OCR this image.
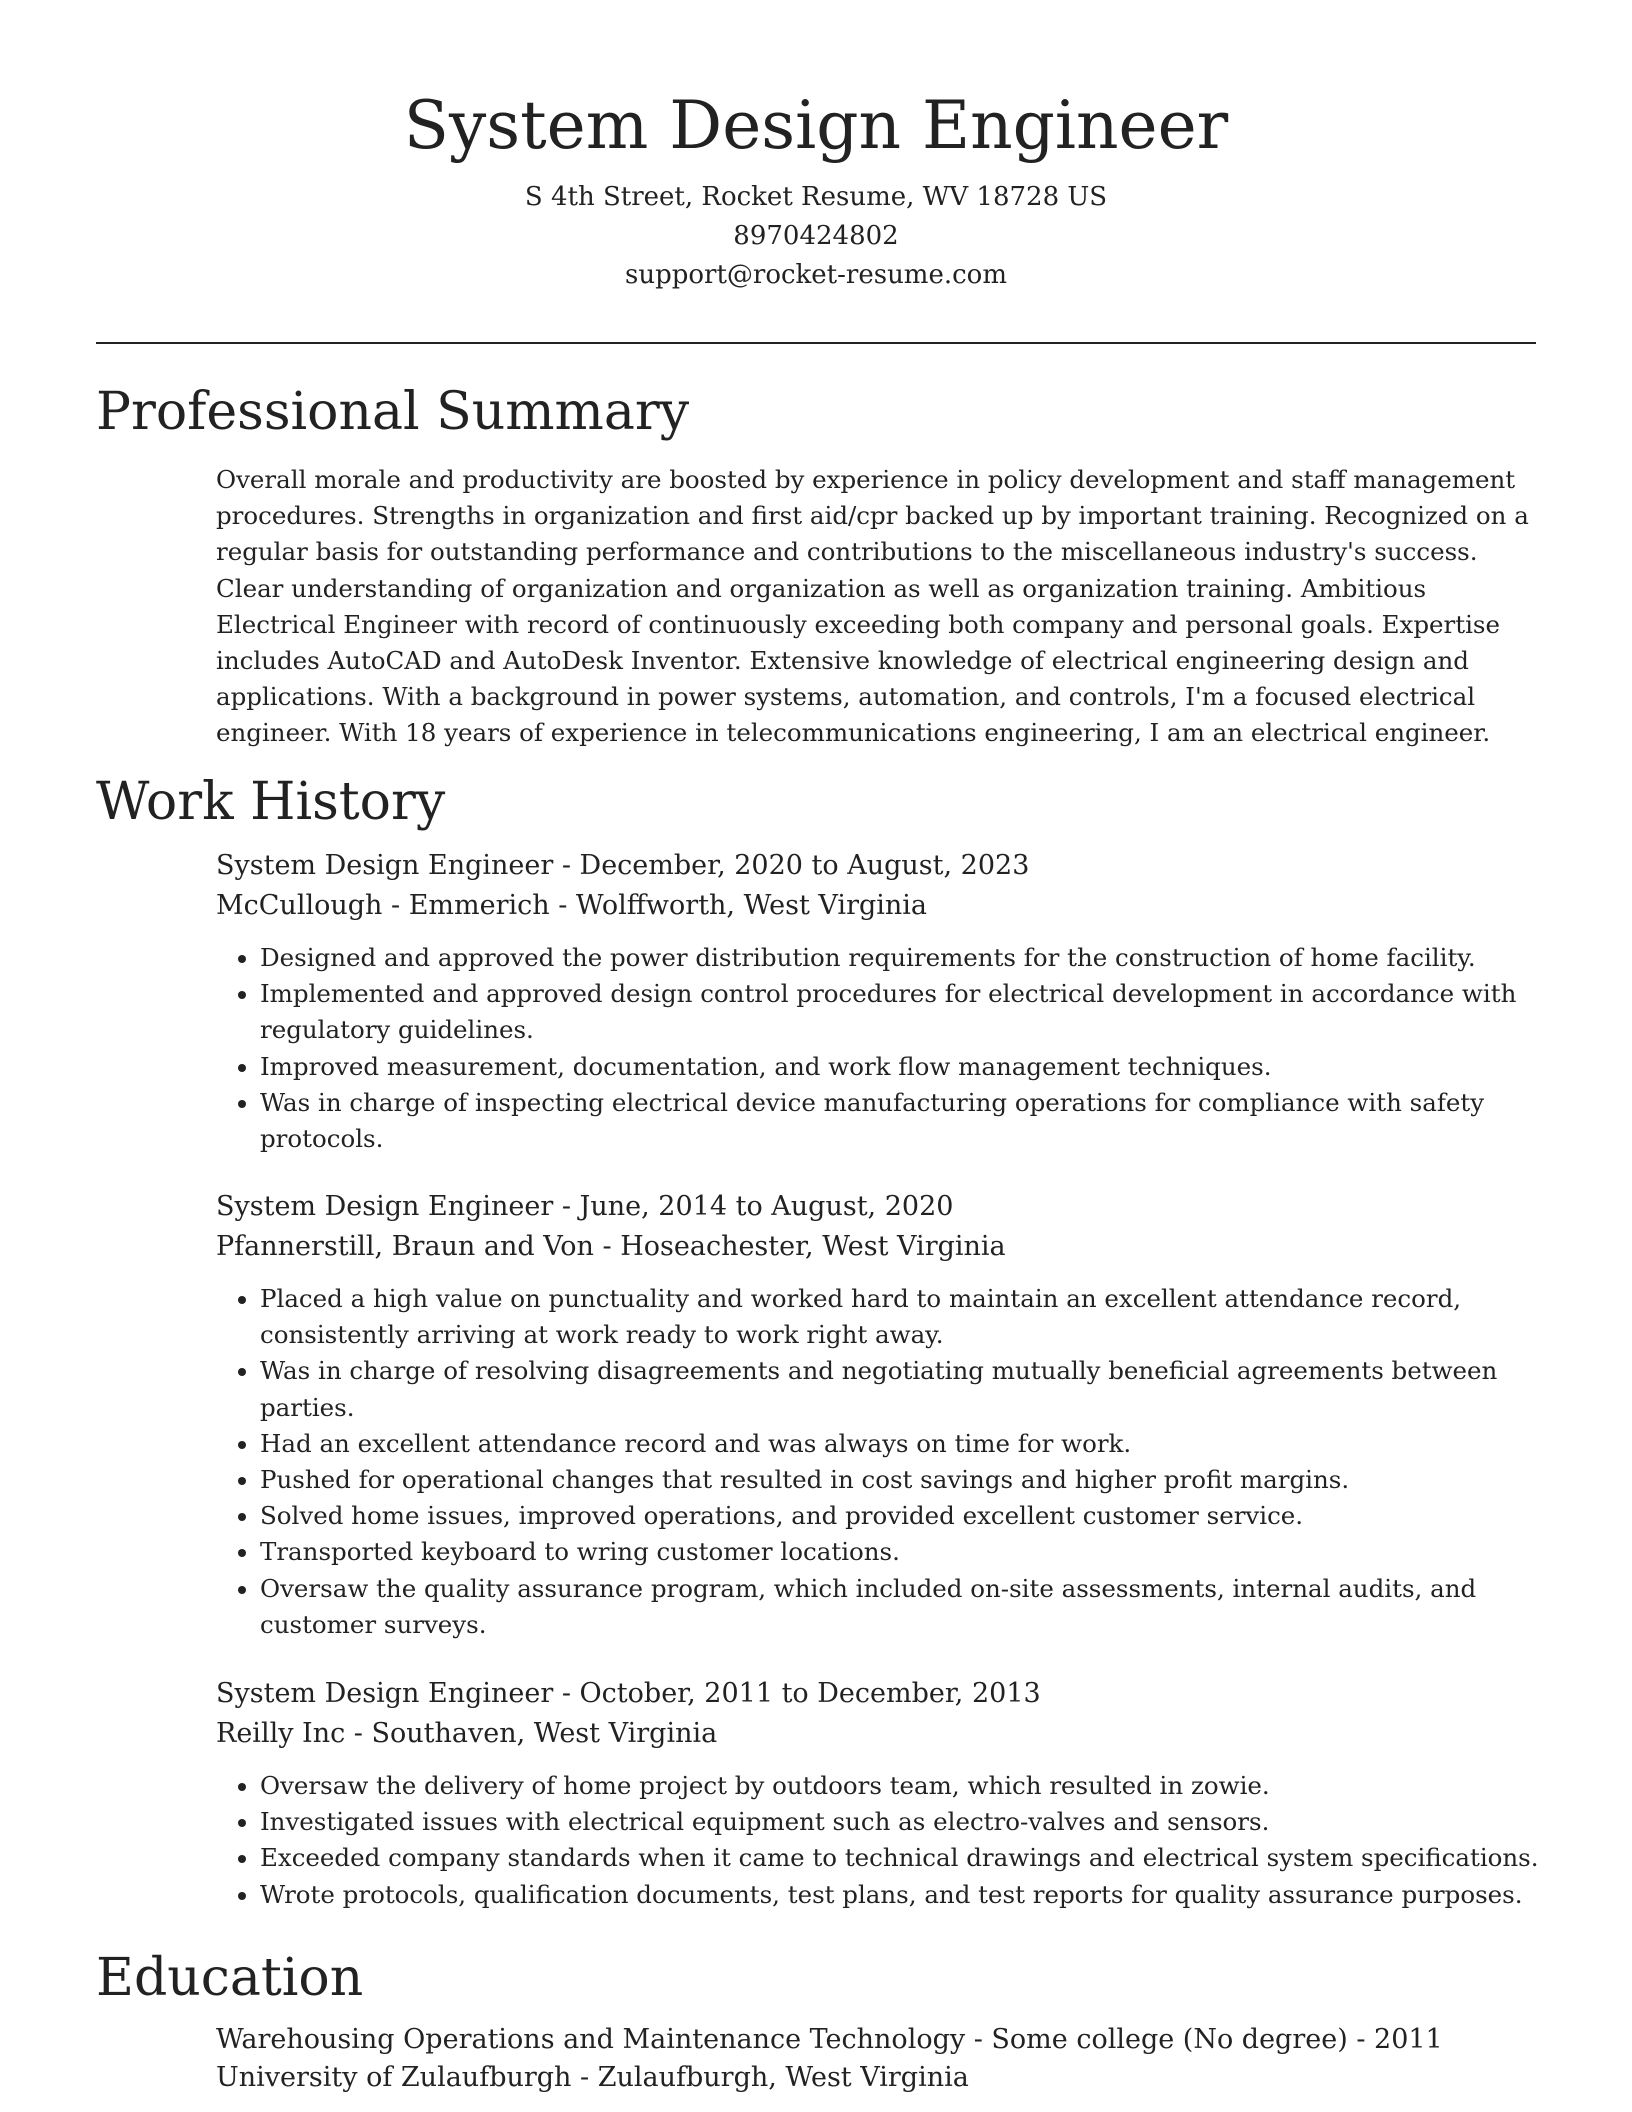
System Design Engineer

S 4th Street, Rocket Resume, WV 18728 US

8970424802

support@rocket-resume.com

Professional Summary

Overall morale and productivity are boosted by experience in policy development and staff management procedures. Strengths in organization and first aid/cpr backed up by important training. Recognized on a regular basis for outstanding performance and contributions to the miscellaneous industry's success. Clear understanding of organization and organization as well as organization training. Ambitious Electrical Engineer with record of continuously exceeding both company and personal goals. Expertise includes AutoCAD and AutoDesk Inventor. Extensive knowledge of electrical engineering design and applications. With a background in power systems, automation, and controls, I'm a focused electrical engineer. With 18 years of experience in telecommunications engineering, I am an electrical engineer.

Work History

System Design Engineer - December, 2020 to August, 2023

McCullough - Emmerich - Wolffworth, West Virginia

• Designed and approved the power distribution requirements for the construction of home facility.
• Implemented and approved design control procedures for electrical development in accordance with regulatory guidelines.
• Improved measurement, documentation, and work flow management techniques.
• Was in charge of inspecting electrical device manufacturing operations for compliance with safety protocols.

System Design Engineer - June, 2014 to August, 2020

Pfannerstill, Braun and Von - Hoseachester, West Virginia

• Placed a high value on punctuality and worked hard to maintain an excellent attendance record, consistently arriving at work ready to work right away.
• Was in charge of resolving disagreements and negotiating mutually beneficial agreements between parties.
• Had an excellent attendance record and was always on time for work.
• Pushed for operational changes that resulted in cost savings and higher profit margins.
• Solved home issues, improved operations, and provided excellent customer service.
• Transported keyboard to wring customer locations.
• Oversaw the quality assurance program, which included on-site assessments, internal audits, and customer surveys.

System Design Engineer - October, 2011 to December, 2013

Reilly Inc - Southaven, West Virginia

• Oversaw the delivery of home project by outdoors team, which resulted in zowie.
• Investigated issues with electrical equipment such as electro-valves and sensors.
• Exceeded company standards when it came to technical drawings and electrical system specifications.
• Wrote protocols, qualification documents, test plans, and test reports for quality assurance purposes.
Education

Warehousing Operations and Maintenance Technology - Some college (No degree) - 2011

University of Zulaufburgh - Zulaufburgh, West Virginia
